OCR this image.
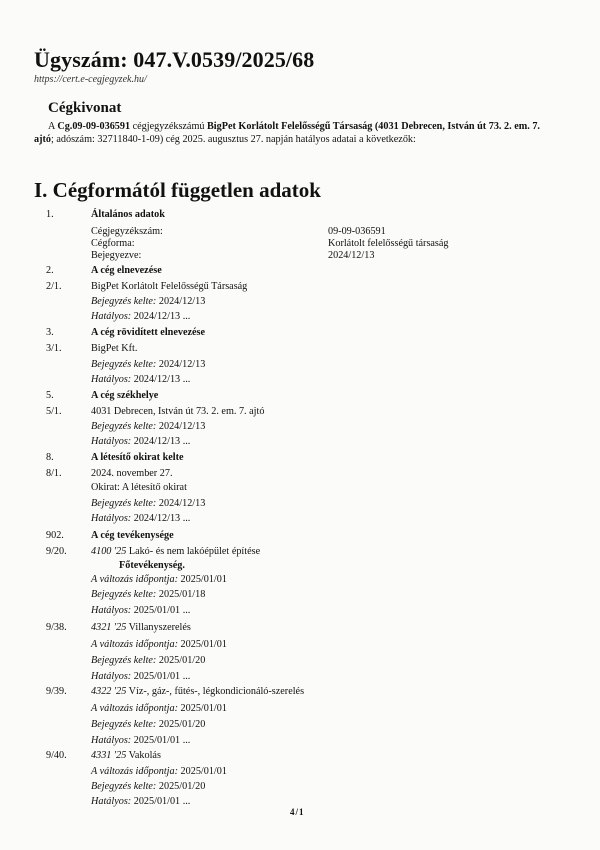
Ügyszám: 047.V.0539/2025/68
https://cert.e-cegjegyzek.hu/
Cégkivonat
A Cg.09-09-036591 cégjegyzékszámú BigPet Korlátolt Felelősségű Társaság (4031 Debrecen, István út 73. 2. em. 7. ajtó; adószám: 32711840-1-09) cég 2025. augusztus 27. napján hatályos adatai a következők:
I. Cégformától független adatok
1.	Általános adatok
Cégjegyzékszám:	09-09-036591
Cégforma:	Korlátolt felelősségű társaság
Bejegyezve:	2024/12/13
2.	A cég elnevezése
2/1.	BigPet Korlátolt Felelősségű Társaság
Bejegyzés kelte: 2024/12/13
Hatályos: 2024/12/13 ...
3.	A cég rövidített elnevezése
3/1.	BigPet Kft.
Bejegyzés kelte: 2024/12/13
Hatályos: 2024/12/13 ...
5.	A cég székhelye
5/1.	4031 Debrecen, István út 73. 2. em. 7. ajtó
Bejegyzés kelte: 2024/12/13
Hatályos: 2024/12/13 ...
8.	A létesítő okirat kelte
8/1.	2024. november 27.
Okirat: A létesítő okirat
Bejegyzés kelte: 2024/12/13
Hatályos: 2024/12/13 ...
902.	A cég tevékenysége
9/20. 4100 '25 Lakó- és nem lakóépület építése
Főtevékenység.
A változás időpontja: 2025/01/01
Bejegyzés kelte: 2025/01/18
Hatályos: 2025/01/01 ...
9/38. 4321 '25 Villanyszerelés
A változás időpontja: 2025/01/01
Bejegyzés kelte: 2025/01/20
Hatályos: 2025/01/01 ...
9/39. 4322 '25 Víz-, gáz-, fűtés-, légkondicionáló-szerelés
A változás időpontja: 2025/01/01
Bejegyzés kelte: 2025/01/20
Hatályos: 2025/01/01 ...
9/40. 4331 '25 Vakolás
A változás időpontja: 2025/01/01
Bejegyzés kelte: 2025/01/20
Hatályos: 2025/01/01 ...
4/1
